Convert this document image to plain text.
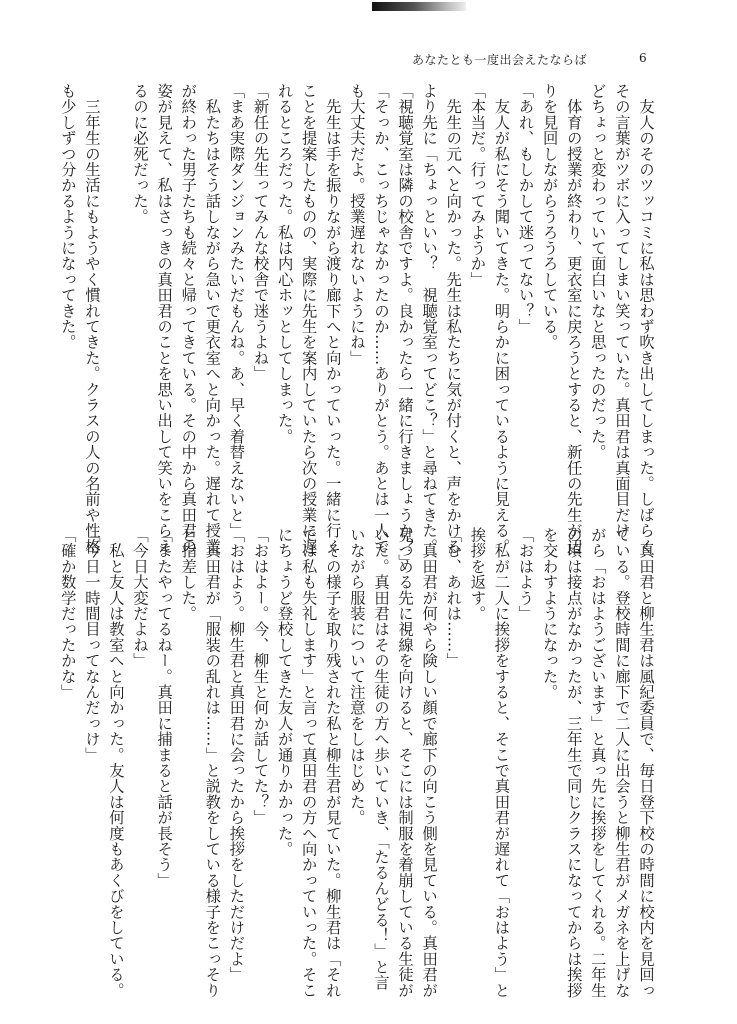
あなたとも一度出会えたならば	6
　友人のそのツッコミに私は思わず吹き出してしまった。しばらく
その言葉がツボに入ってしまい笑っていた。真田君は真面目だけ
どちょっと変わっていて面白いなと思ったのだった。
　体育の授業が終わり、更衣室に戻ろうとすると、新任の先生が辺
りを見回しながらうろうろしている。
「あれ、もしかして迷ってない？」
　友人が私にそう聞いてきた。明らかに困っているように見える。
「本当だ。行ってみようか」
　先生の元へと向かった。先生は私たちに気が付くと、声をかける
より先に「ちょっといい？　視聴覚室ってどこ？」と尋ねてきた。
「視聴覚室は隣の校舎ですよ。良かったら一緒に行きましょうか？」
「そっか、こっちじゃなかったのか……ありがとう。あとは一人で
も大丈夫だよ。授業遅れないようにね」
　先生は手を振りながら渡り廊下へと向かっていった。一緒に行く
ことを提案したものの、実際に先生を案内していたら次の授業に遅
れるところだった。私は内心ホッとしてしまった。
「新任の先生ってみんな校舎で迷うよね」
「まあ実際ダンジョンみたいだもんね。あ、早く着替えないと」
　私たちはそう話しながら急いで更衣室へと向かった。遅れて授業
が終わった男子たちも続々と帰ってきている。その中から真田君の
姿が見えて、私はさっきの真田君のことを思い出して笑いをこらえ
るのに必死だった。
　三年生の生活にもようやく慣れてきた。クラスの人の名前や性格
も少しずつ分かるようになってきた。
　真田君と柳生君は風紀委員で、毎日登下校の時間に校内を見回っ
ている。登校時間に廊下で二人に出会うと柳生君がメガネを上げな
がら「おはようございます」と真っ先に挨拶をしてくれる。二年生
の頃は接点がなかったが、三年生で同じクラスになってからは挨拶
を交わすようになった。
「おはよう」
　私が二人に挨拶をすると、そこで真田君が遅れて「おはよう」と
挨拶を返す。
「む、あれは……」
　真田君が何やら険しい顔で廊下の向こう側を見ている。真田君が
見つめる先に視線を向けると、そこには制服を着崩している生徒が
いた。真田君はその生徒の方へ歩いていき、「たるんどる！」と言
いながら服装について注意をしはじめた。
　その様子を取り残された私と柳生君が見ていた。柳生君は「それ
では私も失礼します」と言って真田君の方へ向かっていった。そこ
にちょうど登校してきた友人が通りかかった。
「おはよー。今、柳生と何か話してた？」
「おはよう。柳生君と真田君に会ったから挨拶をしただけだよ」
　真田君が「服装の乱れは……」と説教をしている様子をこっそり
と指差した。
「またやってるねー。真田に捕まると話が長そう」
「今日大変だよね」
　私と友人は教室へと向かった。友人は何度もあくびをしている。
「今日一時間目ってなんだっけ」
「確か数学だったかな」
